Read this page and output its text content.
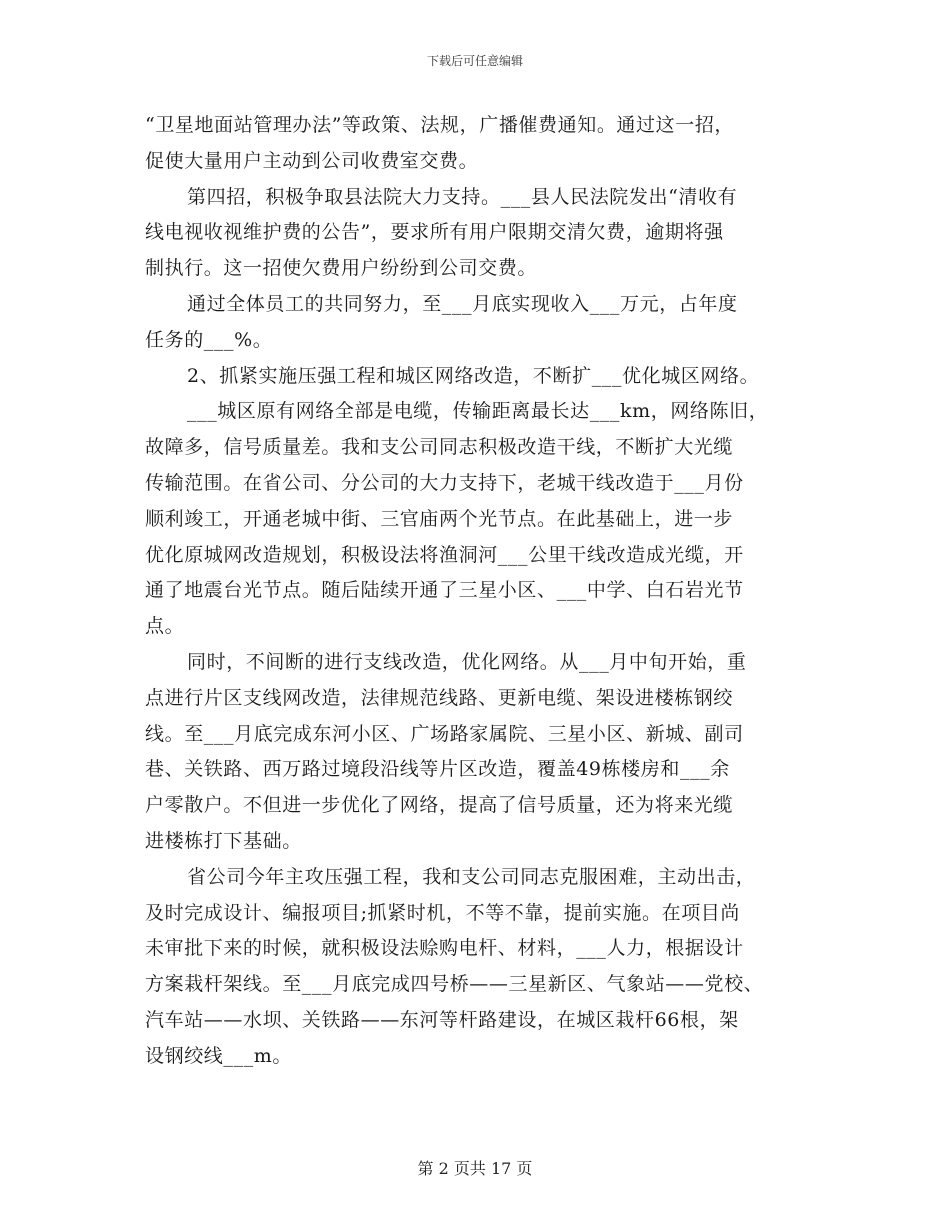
下载后可任意编辑
“卫星地面站管理办法”等政策、法规，广播催费通知。通过这一招，
促使大量用户主动到公司收费室交费。
第四招，积极争取县法院大力支持。___县人民法院发出“清收有
线电视收视维护费的公告”，要求所有用户限期交清欠费，逾期将强
制执行。这一招使欠费用户纷纷到公司交费。
通过全体员工的共同努力，至___月底实现收入___万元，占年度
任务的___%。
2、抓紧实施压强工程和城区网络改造，不断扩___优化城区网络。
___城区原有网络全部是电缆，传输距离最长达___km，网络陈旧，
故障多，信号质量差。我和支公司同志积极改造干线，不断扩大光缆
传输范围。在省公司、分公司的大力支持下，老城干线改造于___月份
顺利竣工，开通老城中街、三官庙两个光节点。在此基础上，进一步
优化原城网改造规划，积极设法将渔洞河___公里干线改造成光缆，开
通了地震台光节点。随后陆续开通了三星小区、___中学、白石岩光节
点。
同时，不间断的进行支线改造，优化网络。从___月中旬开始，重
点进行片区支线网改造，法律规范线路、更新电缆、架设进楼栋钢绞
线。至___月底完成东河小区、广场路家属院、三星小区、新城、副司
巷、关铁路、西万路过境段沿线等片区改造，覆盖49栋楼房和___余
户零散户。不但进一步优化了网络，提高了信号质量，还为将来光缆
进楼栋打下基础。
省公司今年主攻压强工程，我和支公司同志克服困难，主动出击，
及时完成设计、编报项目;抓紧时机，不等不靠，提前实施。在项目尚
未审批下来的时候，就积极设法赊购电杆、材料，___人力，根据设计
方案栽杆架线。至___月底完成四号桥——三星新区、气象站——党校、
汽车站——水坝、关铁路——东河等杆路建设，在城区栽杆66根，架
设钢绞线___m。
第 2 页共 17 页
